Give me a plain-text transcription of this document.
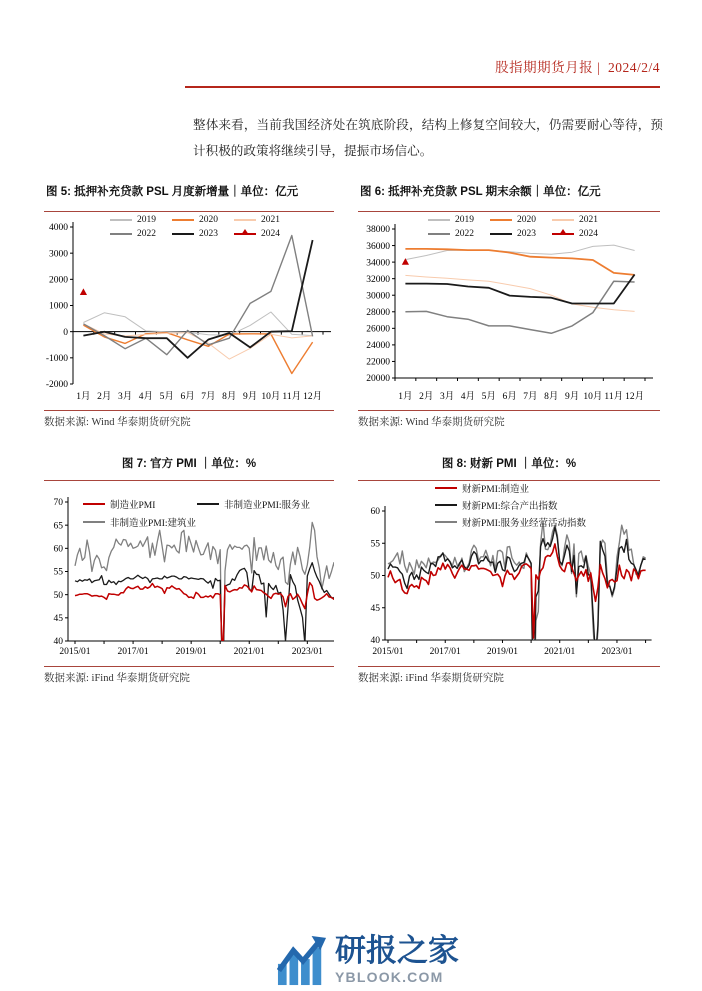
股指期期货月报 | 2024/2/4

整体来看，当前我国经济处在筑底阶段，结构上修复空间较大，仍需要耐心等待，预计积极的政策将继续引导，提振市场信心。

图 5: 抵押补充贷款 PSL 月度新增量｜单位：亿元
2019	2020	2021
2022	2023	2024
-2000
-1000
0
1000
2000
3000
4000
1月 2月 3月 4月 5月 6月 7月 8月 9月 10月 11月 12月
数据来源: Wind 华泰期货研究院
图 6: 抵押补充贷款 PSL 期末余额｜单位：亿元
2019	2020	2021
2022	2023	2024
20000
22000
24000
26000
28000
30000
32000
34000
36000
38000
1月 2月 3月 4月 5月 6月 7月 8月 9月 10月 11月 12月
数据来源: Wind 华泰期货研究院
图 7: 官方 PMI ｜单位：%
制造业PMI	非制造业PMI:服务业
非制造业PMI:建筑业
40
45
50
55
60
65
70
2015/01	2017/01	2019/01	2021/01	2023/01
数据来源: iFind 华泰期货研究院
图 8: 财新 PMI ｜单位：%
财新PMI:制造业
财新PMI:综合产出指数
财新PMI:服务业经营活动指数
40
45
50
55
60
2015/01	2017/01	2019/01	2021/01	2023/01
数据来源: iFind 华泰期货研究院
研报之家
YBLOOK.COM
